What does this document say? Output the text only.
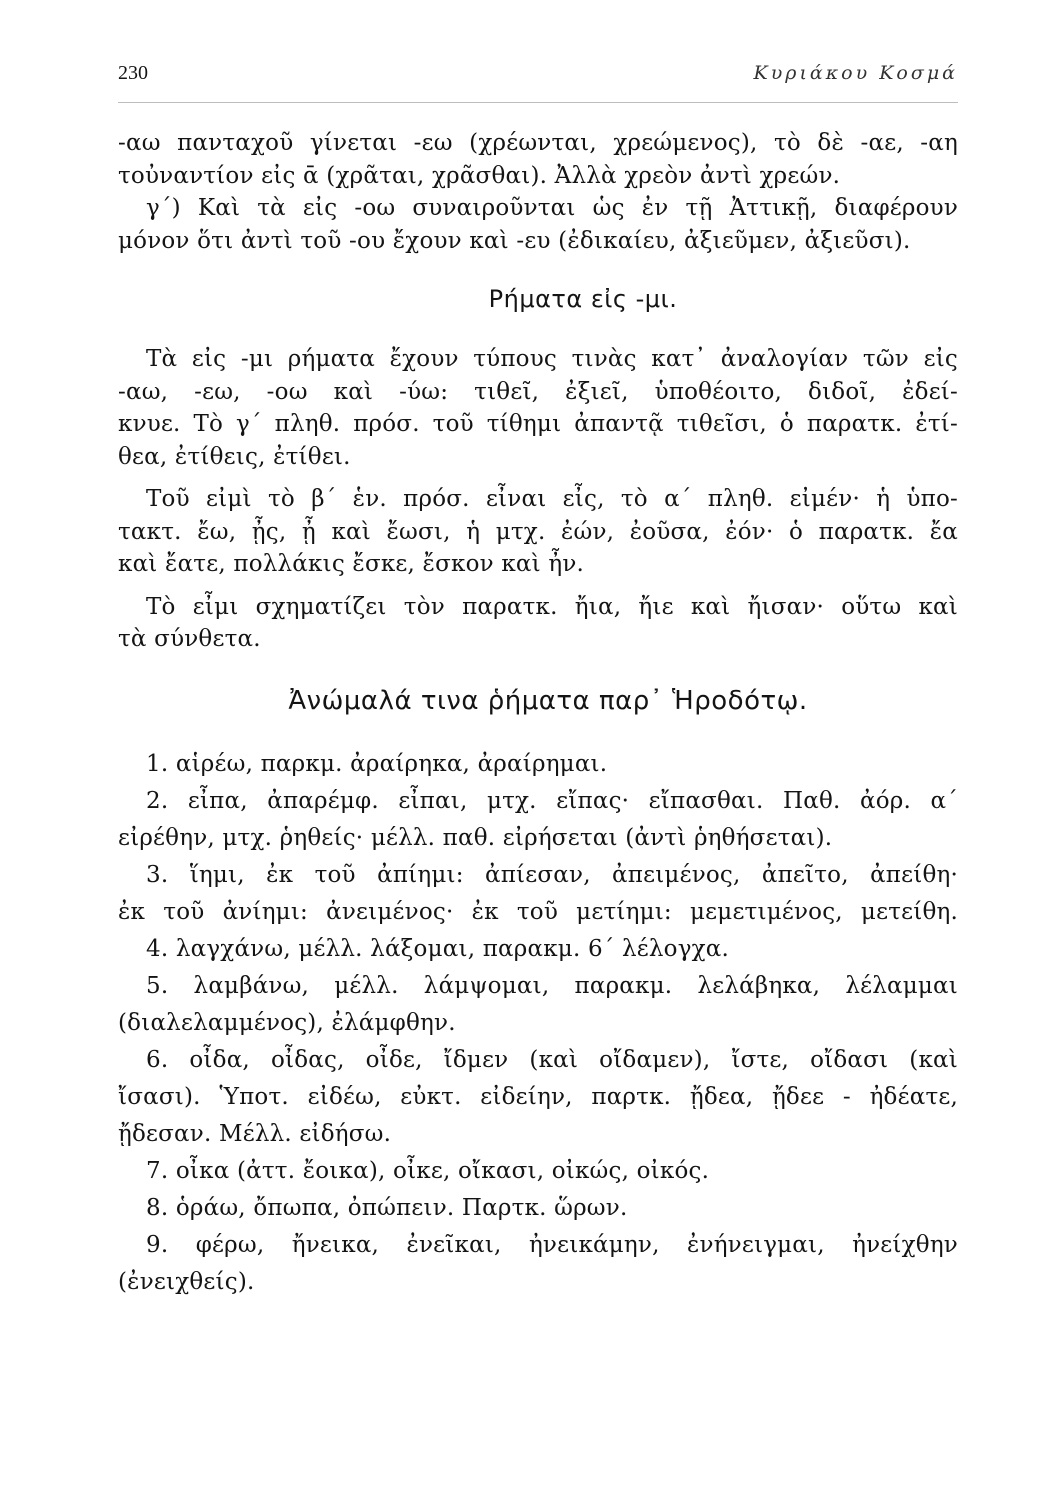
230	Κυριάκου Κοσμά
-αω πανταχοῦ γίνεται -εω (χρέωνται, χρεώμενος), τὸ δὲ -αε, -αη
τοὐναντίον εἰς ᾱ (χρᾶται, χρᾶσθαι). Ἀλλὰ χρεὸν ἀντὶ χρεών.
γ΄) Καὶ τὰ εἰς -οω συναιροῦνται ὡς ἐν τῇ Ἀττικῇ, διαφέρουν
μόνον ὅτι ἀντὶ τοῦ -ου ἔχουν καὶ -ευ (ἐδικαίευ, ἀξιεῦμεν, ἀξιεῦσι).
Ρήματα εἰς -μι.
Τὰ εἰς -μι ρήματα ἔχουν τύπους τινὰς κατ᾽ ἀναλογίαν τῶν εἰς
-αω, -εω, -οω καὶ -ύω: τιθεῖ, ἐξιεῖ, ὑποθέοιτο, διδοῖ, ἐδεί-
κνυε. Τὸ γ΄ πληθ. πρόσ. τοῦ τίθημι ἀπαντᾷ τιθεῖσι, ὁ παρατκ. ἐτί-
θεα, ἐτίθεις, ἐτίθει.
Τοῦ εἰμὶ τὸ β΄ ἑν. πρόσ. εἶναι εἶς, τὸ α΄ πληθ. εἰμέν· ἡ ὑπο-
τακτ. ἔω, ᾖς, ᾖ καὶ ἔωσι, ἡ μτχ. ἐών, ἐοῦσα, ἐόν· ὁ παρατκ. ἔα
καὶ ἔατε, πολλάκις ἔσκε, ἔσκον καὶ ἦν.
Τὸ εἶμι σχηματίζει τὸν παρατκ. ἤια, ἤιε καὶ ἤισαν· οὕτω καὶ
τὰ σύνθετα.
Ἀνώμαλά τινα ῥήματα παρ᾽ Ἡροδότῳ.
1. αἱρέω, παρκμ. ἀραίρηκα, ἀραίρημαι.
2. εἶπα, ἀπαρέμφ. εἶπαι, μτχ. εἴπας· εἴπασθαι. Παθ. ἀόρ. α΄
εἰρέθην, μτχ. ῥηθείς· μέλλ. παθ. εἰρήσεται (ἀντὶ ῥηθήσεται).
3. ἵημι, ἐκ τοῦ ἀπίημι: ἀπίεσαν, ἀπειμένος, ἀπεῖτο, ἀπείθη·
ἐκ τοῦ ἀνίημι: ἀνειμένος· ἐκ τοῦ μετίημι: μεμετιμένος, μετείθη.
4. λαγχάνω, μέλλ. λάξομαι, παρακμ. 6΄ λέλογχα.
5. λαμβάνω, μέλλ. λάμψομαι, παρακμ. λελάβηκα, λέλαμμαι
(διαλελαμμένος), ἐλάμφθην.
6. οἶδα, οἶδας, οἶδε, ἴδμεν (καὶ οἴδαμεν), ἴστε, οἴδασι (καὶ
ἴσασι). Ὑποτ. εἰδέω, εὐκτ. εἰδείην, παρτκ. ᾔδεα, ᾔδεε - ἠδέατε,
ᾔδεσαν. Μέλλ. εἰδήσω.
7. οἶκα (ἀττ. ἔοικα), οἶκε, οἴκασι, οἰκώς, οἰκός.
8. ὁράω, ὄπωπα, ὀπώπειν. Παρτκ. ὥρων.
9. φέρω, ἤνεικα, ἐνεῖκαι, ἠνεικάμην, ἐνήνειγμαι, ἠνείχθην
(ἐνειχθείς).
